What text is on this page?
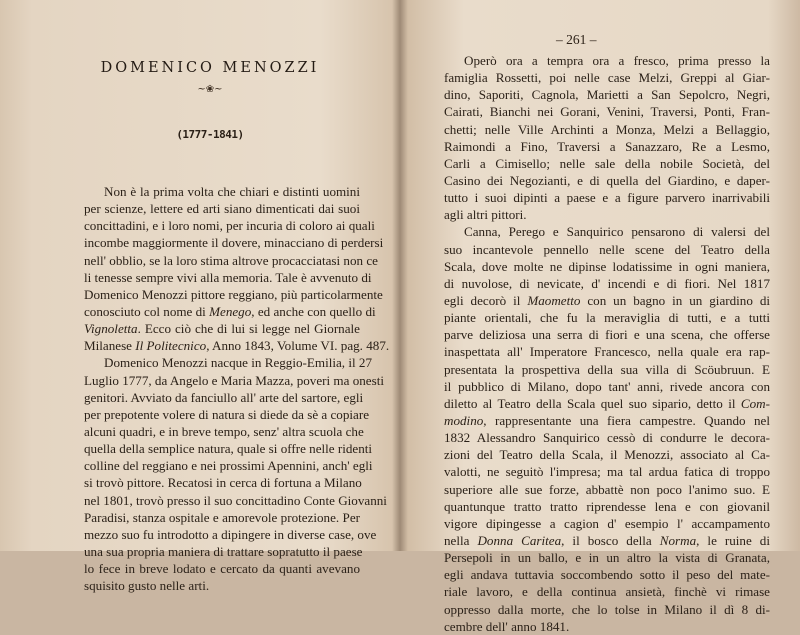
DOMENICO MENOZZI
~❀~
(1777-1841)
Non è la prima volta che chiari e distinti uomini
per scienze, lettere ed arti siano dimenticati dai suoi
concittadini, e i loro nomi, per incuria di coloro ai quali
incombe maggiormente il dovere, minacciano di perdersi
nell' obblio, se la loro stima altrove procacciatasi non ce
li tenesse sempre vivi alla memoria. Tale è avvenuto di
Domenico Menozzi pittore reggiano, più particolarmente
conosciuto col nome di Menego, ed anche con quello di
Vignoletta. Ecco ciò che di lui si legge nel Giornale
Milanese Il Politecnico, Anno 1843, Volume VI. pag. 487.
Domenico Menozzi nacque in Reggio-Emilia, il 27
Luglio 1777, da Angelo e Maria Mazza, poveri ma onesti
genitori. Avviato da fanciullo all' arte del sartore, egli
per prepotente volere di natura si diede da sè a copiare
alcuni quadri, e in breve tempo, senz' altra scuola che
quella della semplice natura, quale si offre nelle ridenti
colline del reggiano e nei prossimi Apennini, anch' egli
si trovò pittore. Recatosi in cerca di fortuna a Milano
nel 1801, trovò presso il suo concittadino Conte Giovanni
Paradisi, stanza ospitale e amorevole protezione. Per
mezzo suo fu introdotto a dipingere in diverse case, ove
una sua propria maniera di trattare sopratutto il paese
lo fece in breve lodato e cercato da quanti avevano
squisito gusto nelle arti.
– 261 –
Operò ora a tempra ora a fresco, prima presso la
famiglia Rossetti, poi nelle case Melzi, Greppi al Giar-
dino, Saporiti, Cagnola, Marietti a San Sepolcro, Negri,
Cairati, Bianchi nei Gorani, Venini, Traversi, Ponti, Fran-
chetti; nelle Ville Archinti a Monza, Melzi a Bellaggio,
Raimondi a Fino, Traversi a Sanazzaro, Re a Lesmo,
Carli a Cimisello; nelle sale della nobile Società, del
Casino dei Negozianti, e di quella del Giardino, e daper-
tutto i suoi dipinti a paese e a figure parvero inarrivabili
agli altri pittori.
Canna, Perego e Sanquirico pensarono di valersi del
suo incantevole pennello nelle scene del Teatro della
Scala, dove molte ne dipinse lodatissime in ogni maniera,
di nuvolose, di nevicate, d' incendi e di fiori. Nel 1817
egli decorò il Maometto con un bagno in un giardino di
piante orientali, che fu la meraviglia di tutti, e a tutti
parve deliziosa una serra di fiori e una scena, che offerse
inaspettata all' Imperatore Francesco, nella quale era rap-
presentata la prospettiva della sua villa di Scöubruun. E
il pubblico di Milano, dopo tant' anni, rivede ancora con
diletto al Teatro della Scala quel suo sipario, detto il Com-
modino, rappresentante una fiera campestre. Quando nel
1832 Alessandro Sanquirico cessò di condurre le decora-
zioni del Teatro della Scala, il Menozzi, associato al Ca-
valotti, ne seguitò l'impresa; ma tal ardua fatica di troppo
superiore alle sue forze, abbattè non poco l'animo suo. E
quantunque tratto tratto riprendesse lena e con giovanil
vigore dipingesse a cagion d' esempio l' accampamento
nella Donna Caritea, il bosco della Norma, le ruine di
Persepoli in un ballo, e in un altro la vista di Granata,
egli andava tuttavia soccombendo sotto il peso del mate-
riale lavoro, e della continua ansietà, finchè vi rimase
oppresso dalla morte, che lo tolse in Milano il dì 8 di-
cembre dell' anno 1841.
